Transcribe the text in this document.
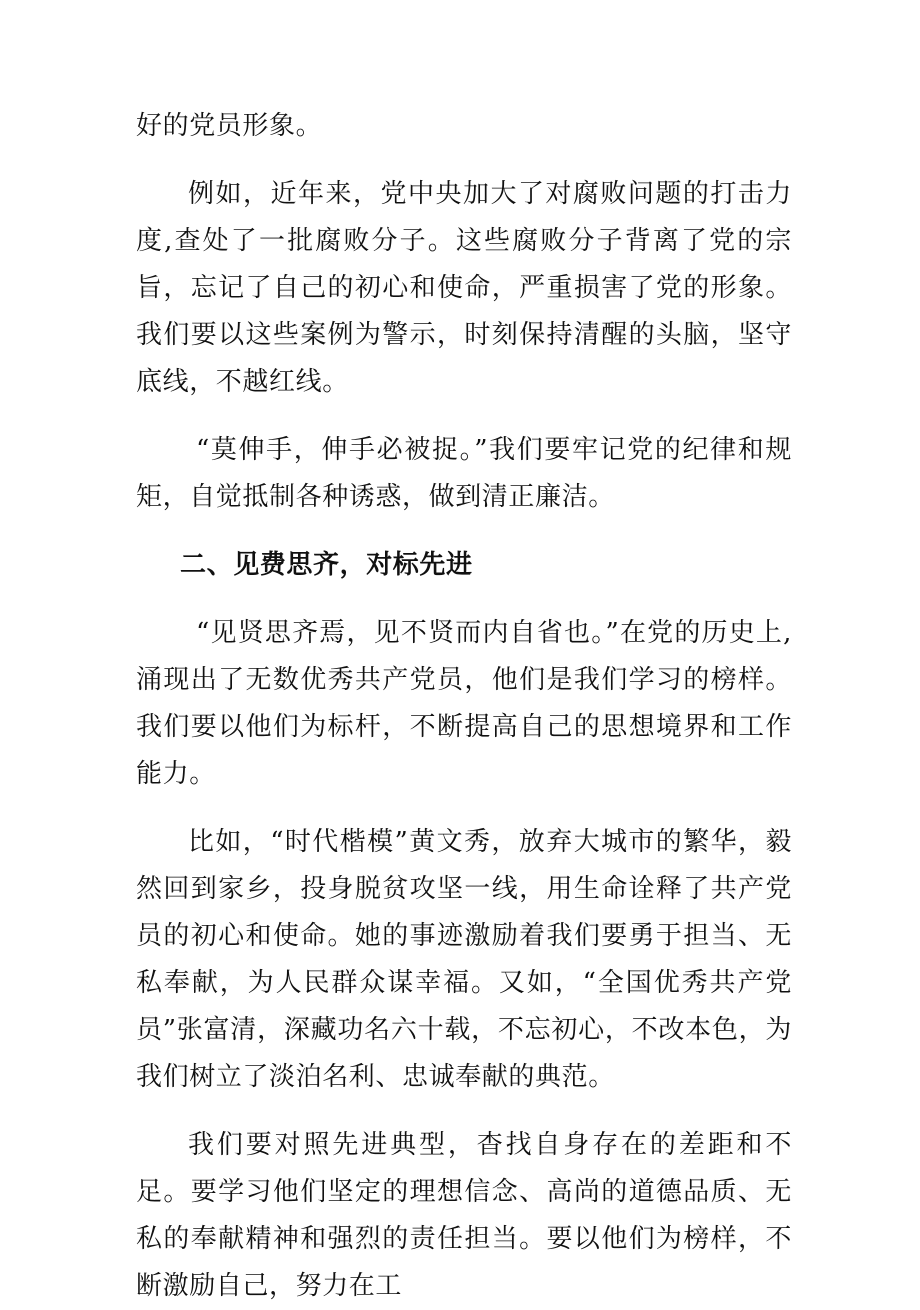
好的党员形象。

例如，近年来，党中央加大了对腐败问题的打击力度,查处了一批腐败分子。这些腐败分子背离了党的宗旨，忘记了自己的初心和使命，严重损害了党的形象。我们要以这些案例为警示，时刻保持清醒的头脑，坚守底线，不越红线。

“莫伸手，伸手必被捉。”我们要牢记党的纪律和规矩，自觉抵制各种诱惑，做到清正廉洁。

二、见费思齐，对标先进

“见贤思齐焉，见不贤而内自省也。”在党的历史上,涌现出了无数优秀共产党员，他们是我们学习的榜样。我们要以他们为标杆，不断提高自己的思想境界和工作能力。

比如，“时代楷模”黄文秀，放弃大城市的繁华，毅然回到家乡，投身脱贫攻坚一线，用生命诠释了共产党员的初心和使命。她的事迹激励着我们要勇于担当、无私奉献，为人民群众谋幸福。又如，“全国优秀共产党员”张富清，深藏功名六十载，不忘初心，不改本色，为我们树立了淡泊名利、忠诚奉献的典范。

我们要对照先进典型，杳找自身存在的差距和不足。要学习他们坚定的理想信念、高尚的道德品质、无私的奉献精神和强烈的责任担当。要以他们为榜样，不断激励自己，努力在工
